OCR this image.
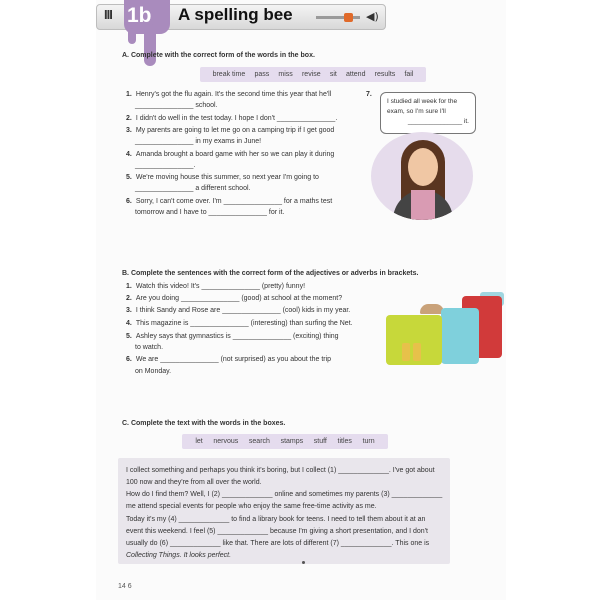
III 1b A spelling bee	◀)
A. Complete with the correct form of the words in the box.
break time pass miss revise sit attend results fail
1. Henry's got the flu again. It's the second time this year that he'll
_______________ school.
2. I didn't do well in the test today. I hope I don't _______________.
3. My parents are going to let me go on a camping trip if I get good
_______________ in my exams in June!
4. Amanda brought a board game with her so we can play it during
_______________.
5. We're moving house this summer, so next year I'm going to
_______________ a different school.
6. Sorry, I can't come over. I'm _______________ for a maths test
tomorrow and I have to _______________ for it.
7.
I studied all week for the
exam, so I'm sure I'll
_______________ it.
B. Complete the sentences with the correct form of the adjectives or adverbs in brackets.
1. Watch this video! It's _______________ (pretty) funny!
2. Are you doing _______________ (good) at school at the moment?
3. I think Sandy and Rose are _______________ (cool) kids in my year.
4. This magazine is _______________ (interesting) than surfing the Net.
5. Ashley says that gymnastics is _______________ (exciting) thing
to watch.
6. We are _______________ (not surprised) as you about the trip
on Monday.
C. Complete the text with the words in the boxes.
let nervous search stamps stuff titles turn
I collect something and perhaps you think it's boring, but I collect (1) _____________. I've got about
100 now and they're from all over the world.
How do I find them? Well, I (2) _____________ online and sometimes my parents (3) _____________
me attend special events for people who enjoy the same free-time activity as me.
Today it's my (4) _____________ to find a library book for teens. I need to tell them about it at an
event this weekend. I feel (5) _____________ because I'm giving a short presentation, and I don't
usually do (6) _____________ like that. There are lots of different (7) _____________. This one is
Collecting Things. It looks perfect.
14 6
